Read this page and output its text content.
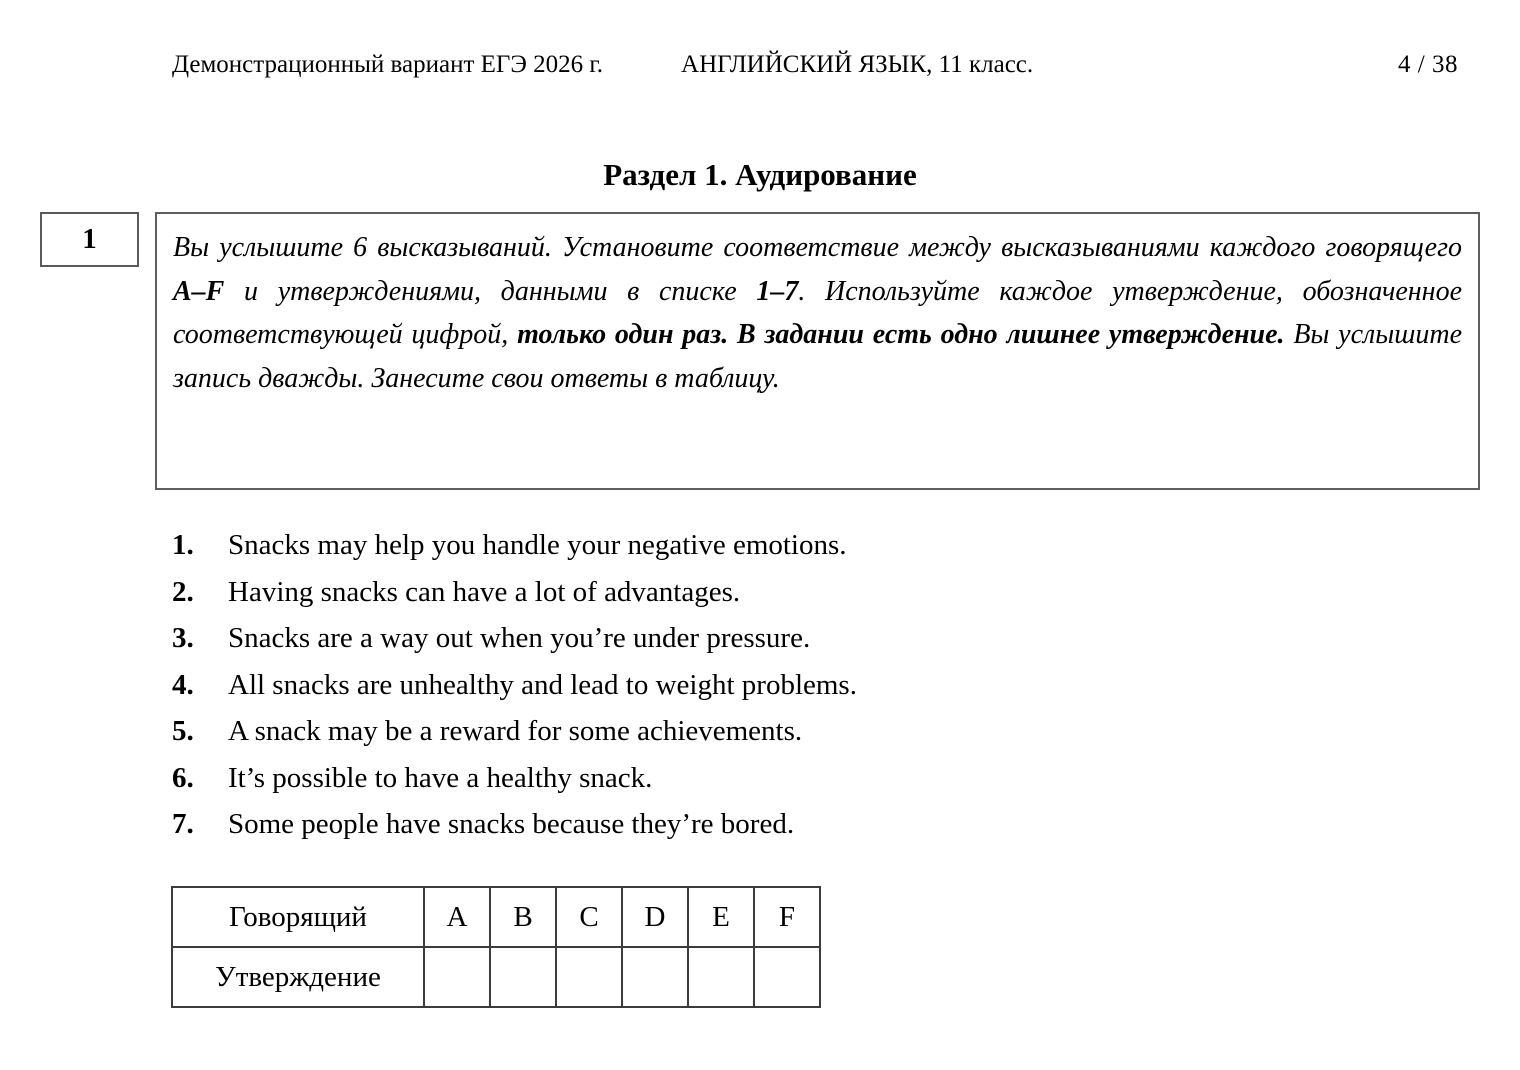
Демонстрационный вариант ЕГЭ 2026 г.	АНГЛИЙСКИЙ ЯЗЫК, 11 класс.	4 / 38
Раздел 1. Аудирование
1	Вы услышите 6 высказываний. Установите соответствие между высказываниями каждого говорящего A–F и утверждениями, данными в списке 1–7. Используйте каждое утверждение, обозначенное соответствующей цифрой, только один раз. В задании есть одно лишнее утверждение. Вы услышите запись дважды. Занесите свои ответы в таблицу.

1.	Snacks may help you handle your negative emotions.
2.	Having snacks can have a lot of advantages.
3.	Snacks are a way out when you’re under pressure.
4.	All snacks are unhealthy and lead to weight problems.
5.	A snack may be a reward for some achievements.
6.	It’s possible to have a healthy snack.
7.	Some people have snacks because they’re bored.
Говорящий	A	B	C	D	E	F
Утверждение						
